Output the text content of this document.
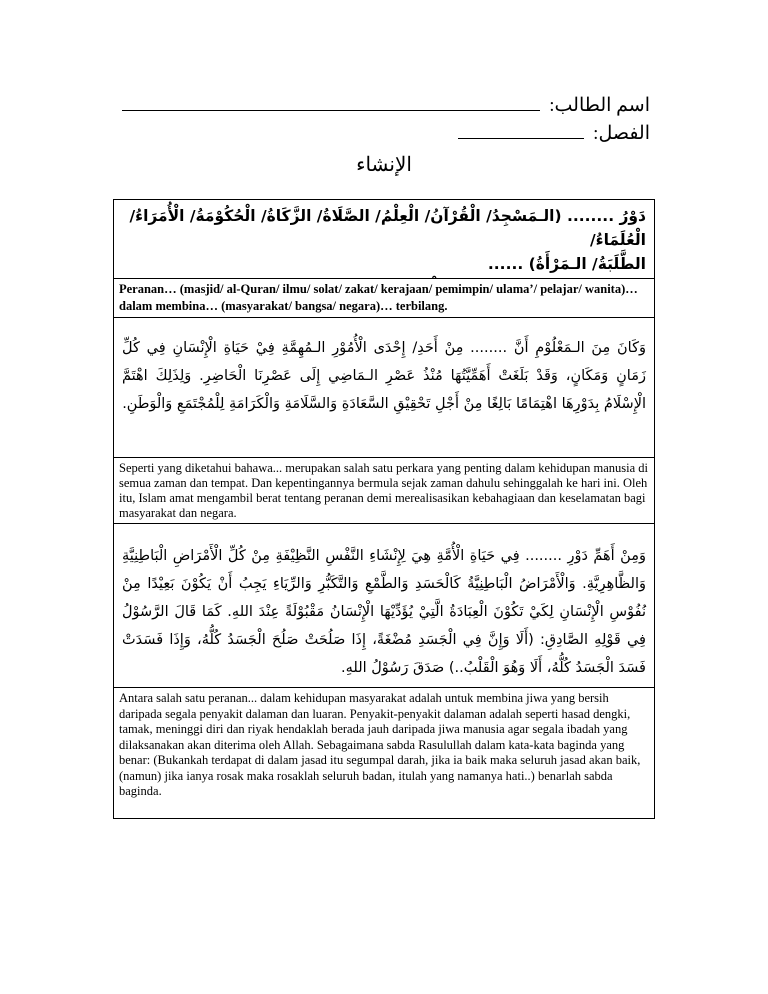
اسم الطالب:
الفصل:
الإنشاء

دَوْرُ ........ (الـمَسْجِدُ/ الْقُرْآنُ/ الْعِلْمُ/ الصَّلَاةُ/ الزَّكَاةُ/ الْحُكُوْمَةُ/ الْأُمَرَاءُ/ الْعُلَمَاءُ/

الطَّلَبَةُ/ الـمَرْأَةُ) ......

Peranan… (masjid/ al-Quran/ ilmu/ solat/ zakat/ kerajaan/ pemimpin/ ulama’/ pelajar/ wanita)… dalam membina… (masyarakat/ bangsa/ negara)… terbilang.
وَكَانَ مِنَ الـمَعْلُوْمِ أَنَّ ........ مِنْ أَحَدِ/ إِحْدَى الْأُمُوْرِ الـمُهِمَّةِ فِيْ حَيَاةِ الْإِنْسَانِ فِي كُلِّ زَمَانٍ وَمَكَانٍ، وَقَدْ بَلَغَتْ أَهَمِّيَّتُهَا مُنْذُ عَصْرِ الـمَاضِي إِلَى عَصْرِنَا الْحَاضِرِ. وَلِذَلِكَ اهْتَمَّ الْإِسْلَامُ بِدَوْرِهَا اهْتِمَامًا بَالِغًا مِنْ أَجْلِ تَحْقِيْقِ السَّعَادَةِ وَالسَّلَامَةِ وَالْكَرَامَةِ لِلْمُجْتَمَعِ وَالْوَطَنِ.
Seperti yang diketahui bahawa... merupakan salah satu perkara yang penting dalam kehidupan manusia di semua zaman dan tempat. Dan kepentingannya bermula sejak zaman dahulu sehinggalah ke hari ini. Oleh itu, Islam amat mengambil berat tentang peranan demi merealisasikan kebahagiaan dan keselamatan bagi masyarakat dan negara.
وَمِنْ أَهَمِّ دَوْرِ ........ فِي حَيَاةِ الْأُمَّةِ هِيَ لِإِنْشَاءِ النَّفْسِ النَّظِيْفَةِ مِنْ كُلِّ الْأَمْرَاضِ الْبَاطِنِيَّةِ وَالظَّاهِرِيَّةِ. وَالْأَمْرَاضُ الْبَاطِنِيَّةُ كَالْحَسَدِ وَالطَّمْعِ وَالتَّكَبُّرِ وَالرِّيَاءِ يَجِبُ أَنْ يَكُوْنَ بَعِيْدًا مِنْ نُفُوْسِ الْإِنْسَانِ لِكَيْ تَكُوْنَ الْعِبَادَةُ الَّتِيْ يُؤَدِّيْهَا الْإِنْسَانُ مَقْبُوْلَةً عِنْدَ اللهِ. كَمَا قَالَ الرَّسُوْلُ فِي قَوْلِهِ الصَّادِقِ: (أَلَا وَإِنَّ فِي الْجَسَدِ مُضْغَةً، إِذَا صَلُحَتْ صَلُحَ الْجَسَدُ كُلُّهُ، وَإِذَا فَسَدَتْ فَسَدَ الْجَسَدُ كُلُّهُ، أَلَا وَهُوَ الْقَلْبُ..) صَدَقَ رَسُوْلُ اللهِ.
Antara salah satu peranan... dalam kehidupan masyarakat adalah untuk membina jiwa yang bersih daripada segala penyakit dalaman dan luaran. Penyakit-penyakit dalaman adalah seperti hasad dengki, tamak, meninggi diri dan riyak hendaklah berada jauh daripada jiwa manusia agar segala ibadah yang dilaksanakan akan diterima oleh Allah. Sebagaimana sabda Rasulullah dalam kata-kata baginda yang benar: (Bukankah terdapat di dalam jasad itu segumpal darah, jika ia baik maka seluruh jasad akan baik, (namun) jika ianya rosak maka rosaklah seluruh badan, itulah yang namanya hati..) benarlah sabda baginda.
